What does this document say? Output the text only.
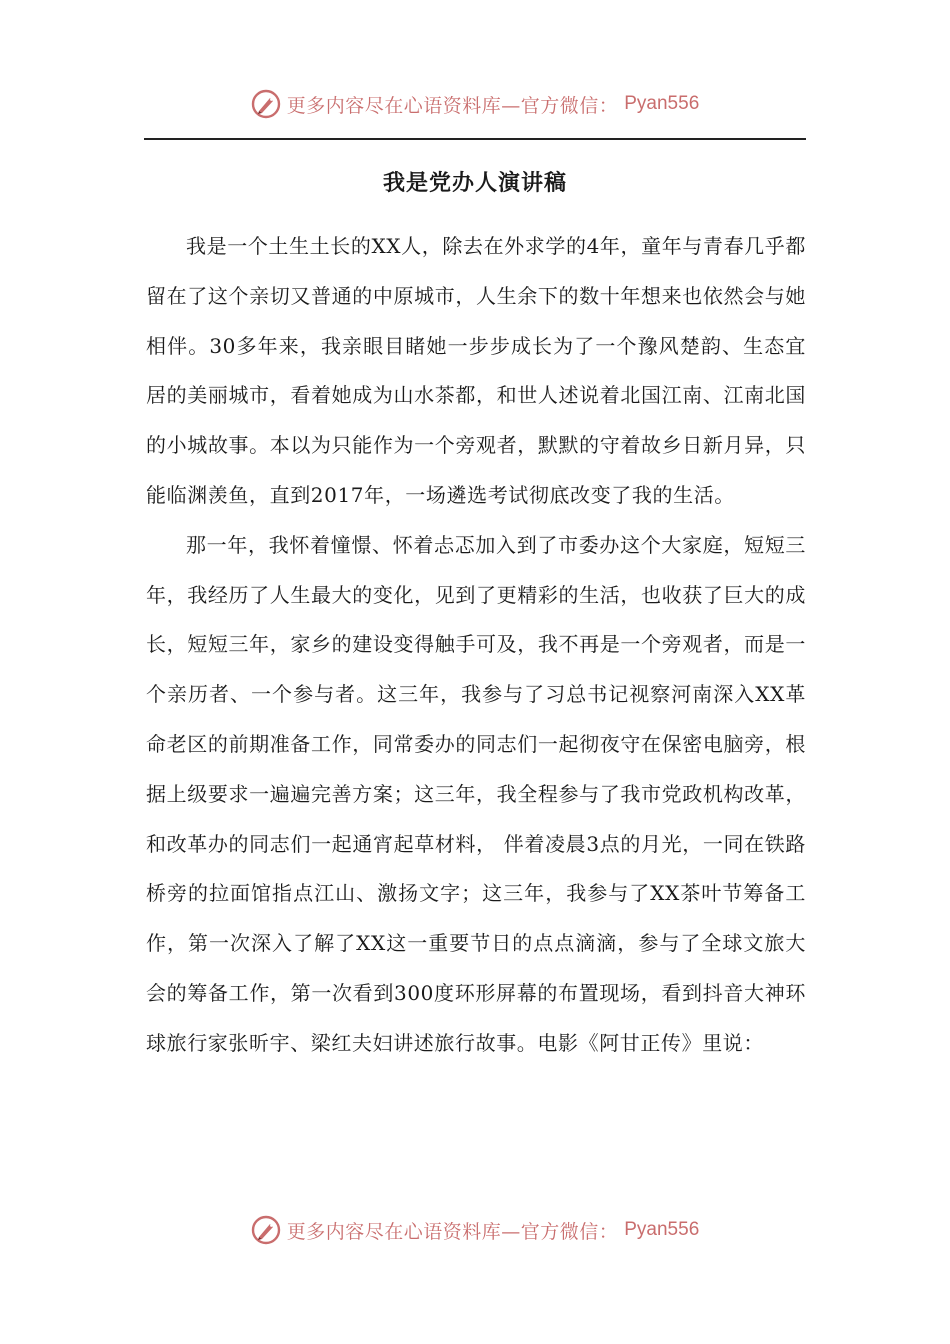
更多内容尽在心语资料库—官方微信： Pyan556
我是党办人演讲稿

我是一个土生土长的XX人，除去在外求学的4年，童年与青春几乎都留在了这个亲切又普通的中原城市，人生余下的数十年想来也依然会与她相伴。30多年来，我亲眼目睹她一步步成长为了一个豫风楚韵、生态宜居的美丽城市，看着她成为山水茶都，和世人述说着北国江南、江南北国的小城故事。本以为只能作为一个旁观者，默默的守着故乡日新月异，只能临渊羡鱼，直到2017年，一场遴选考试彻底改变了我的生活。

那一年，我怀着憧憬、怀着忐忑加入到了市委办这个大家庭，短短三年，我经历了人生最大的变化，见到了更精彩的生活，也收获了巨大的成长，短短三年，家乡的建设变得触手可及，我不再是一个旁观者，而是一个亲历者、一个参与者。这三年，我参与了习总书记视察河南深入XX革命老区的前期准备工作，同常委办的同志们一起彻夜守在保密电脑旁，根据上级要求一遍遍完善方案；这三年，我全程参与了我市党政机构改革，和改革办的同志们一起通宵起草材料， 伴着凌晨3点的月光，一同在铁路桥旁的拉面馆指点江山、激扬文字；这三年，我参与了XX茶叶节筹备工作，第一次深入了解了XX这一重要节日的点点滴滴，参与了全球文旅大会的筹备工作，第一次看到300度环形屏幕的布置现场，看到抖音大神环球旅行家张昕宇、梁红夫妇讲述旅行故事。电影《阿甘正传》里说：

更多内容尽在心语资料库—官方微信： Pyan556
